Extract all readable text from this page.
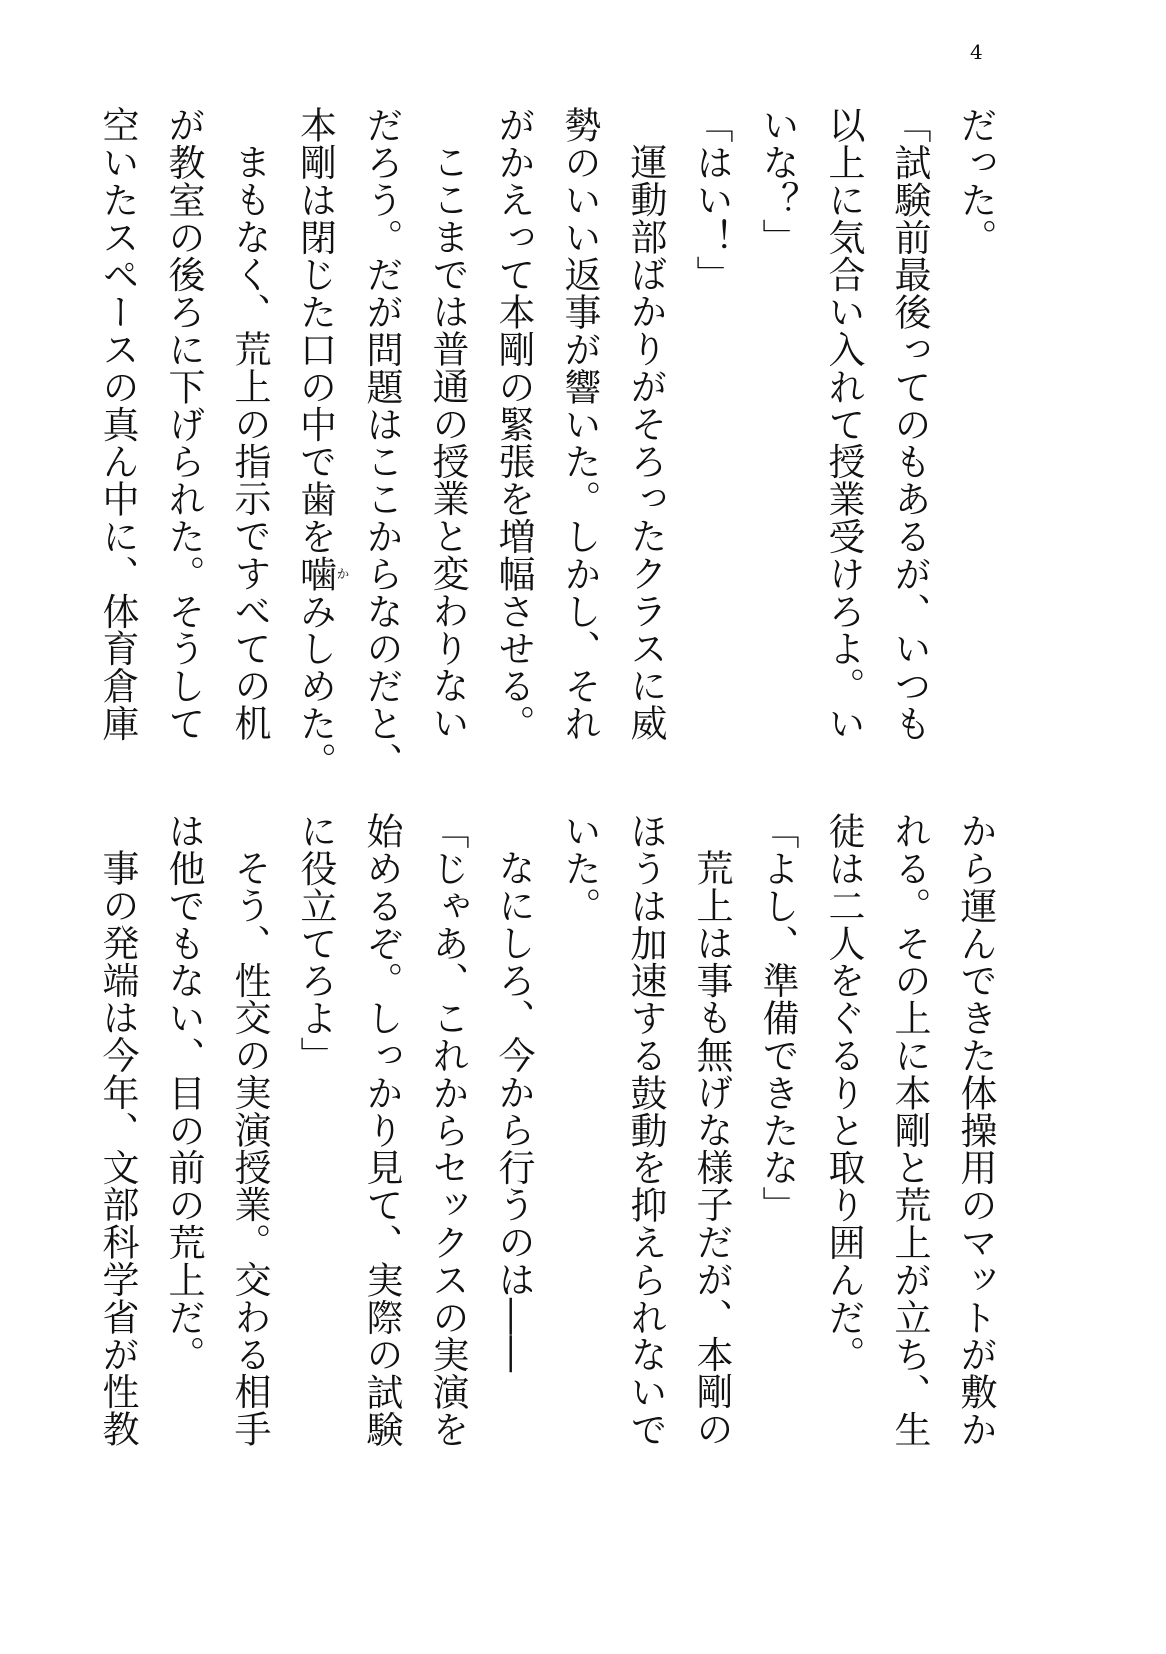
4

だった。

「試験前最後ってのもあるが、いつも

以上に気合い入れて授業受けろよ。い

いな？」

「はい！」

運動部ばかりがそろったクラスに威

勢のいい返事が響いた。しかし、それ

がかえって本剛の緊張を増幅させる。

ここまでは普通の授業と変わりない

だろう。だが問題はここからなのだと、

本剛は閉じた口の中で歯を噛かみしめた。

まもなく、荒上の指示ですべての机

が教室の後ろに下げられた。そうして

空いたスペースの真ん中に、体育倉庫

から運んできた体操用のマットが敷か

れる。その上に本剛と荒上が立ち、生

徒は二人をぐるりと取り囲んだ。

「よし、準備できたな」

荒上は事も無げな様子だが、本剛の

ほうは加速する鼓動を抑えられないで

いた。

なにしろ、今から行うのは――

「じゃあ、これからセックスの実演を

始めるぞ。しっかり見て、実際の試験

に役立てろよ」

そう、性交の実演授業。交わる相手

は他でもない、目の前の荒上だ。

事の発端は今年、文部科学省が性教
